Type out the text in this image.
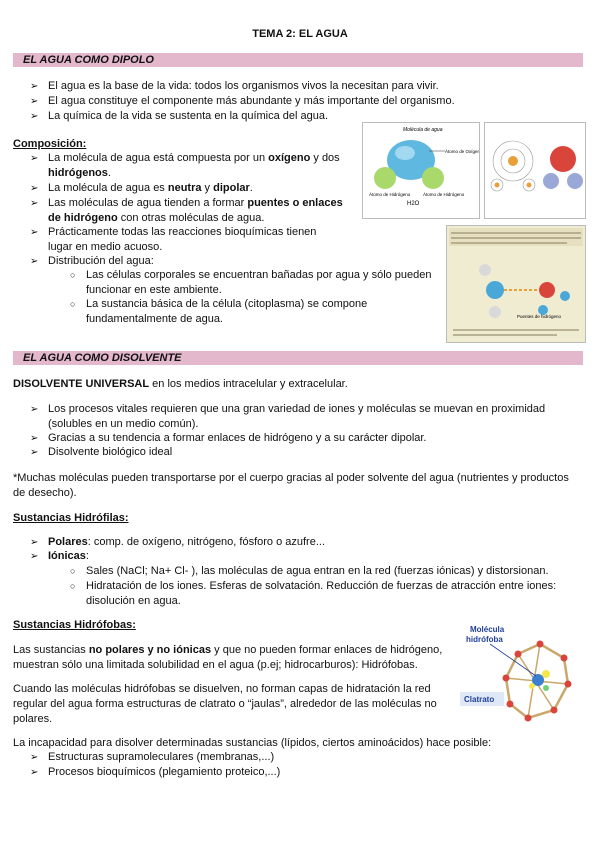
TEMA 2: EL AGUA
EL AGUA COMO DIPOLO
➢ El agua es la base de la vida: todos los organismos vivos la necesitan para vivir.
➢ El agua constituye el componente más abundante y más importante del organismo.
➢ La química de la vida se sustenta en la química del agua.
Composición:
➢ La molécula de agua está compuesta por un oxígeno y dos
hidrógenos.
➢ La molécula de agua es neutra y dipolar.
➢ Las moléculas de agua tienden a formar puentes o enlaces
de hidrógeno con otras moléculas de agua.
➢ Prácticamente todas las reacciones bioquímicas tienen
lugar en medio acuoso.
➢ Distribución del agua:
○ Las células corporales se encuentran bañadas por agua y sólo pueden
funcionar en este ambiente.
○ La sustancia básica de la célula (citoplasma) se compone
fundamentalmente de agua.
Molécula de agua
Átomo de Oxígeno
Átomo de Hidrógeno	Átomo de Hidrógeno
H2O
Puentes de hidrógeno
EL AGUA COMO DISOLVENTE
DISOLVENTE UNIVERSAL en los medios intracelular y extracelular.
➢ Los procesos vitales requieren que una gran variedad de iones y moléculas se muevan en proximidad
(solubles en un medio común).
➢ Gracias a su tendencia a formar enlaces de hidrógeno y a su carácter dipolar.
➢ Disolvente biológico ideal
*Muchas moléculas pueden transportarse por el cuerpo gracias al poder solvente del agua (nutrientes y productos
de desecho).
Sustancias Hidrófilas:
➢ Polares: comp. de oxígeno, nitrógeno, fósforo o azufre...
➢ Iónicas:
○ Sales (NaCl; Na+ Cl- ), las moléculas de agua entran en la red (fuerzas iónicas) y distorsionan.
○ Hidratación de los iones. Esferas de solvatación. Reducción de fuerzas de atracción entre iones:
disolución en agua.
Sustancias Hidrófobas:
Las sustancias no polares y no iónicas y que no pueden formar enlaces de hidrógeno,
muestran sólo una limitada solubilidad en el agua (p.ej; hidrocarburos): Hidrófobas.
Cuando las moléculas hidrófobas se disuelven, no forman capas de hidratación la red
regular del agua forma estructuras de clatrato o “jaulas”, alrededor de las moléculas no
polares.
Molécula
hidrófoba
Clatrato
La incapacidad para disolver determinadas sustancias (lípidos, ciertos aminoácidos) hace posible:
➢ Estructuras supramoleculares (membranas,...)
➢ Procesos bioquímicos (plegamiento proteico,...)
